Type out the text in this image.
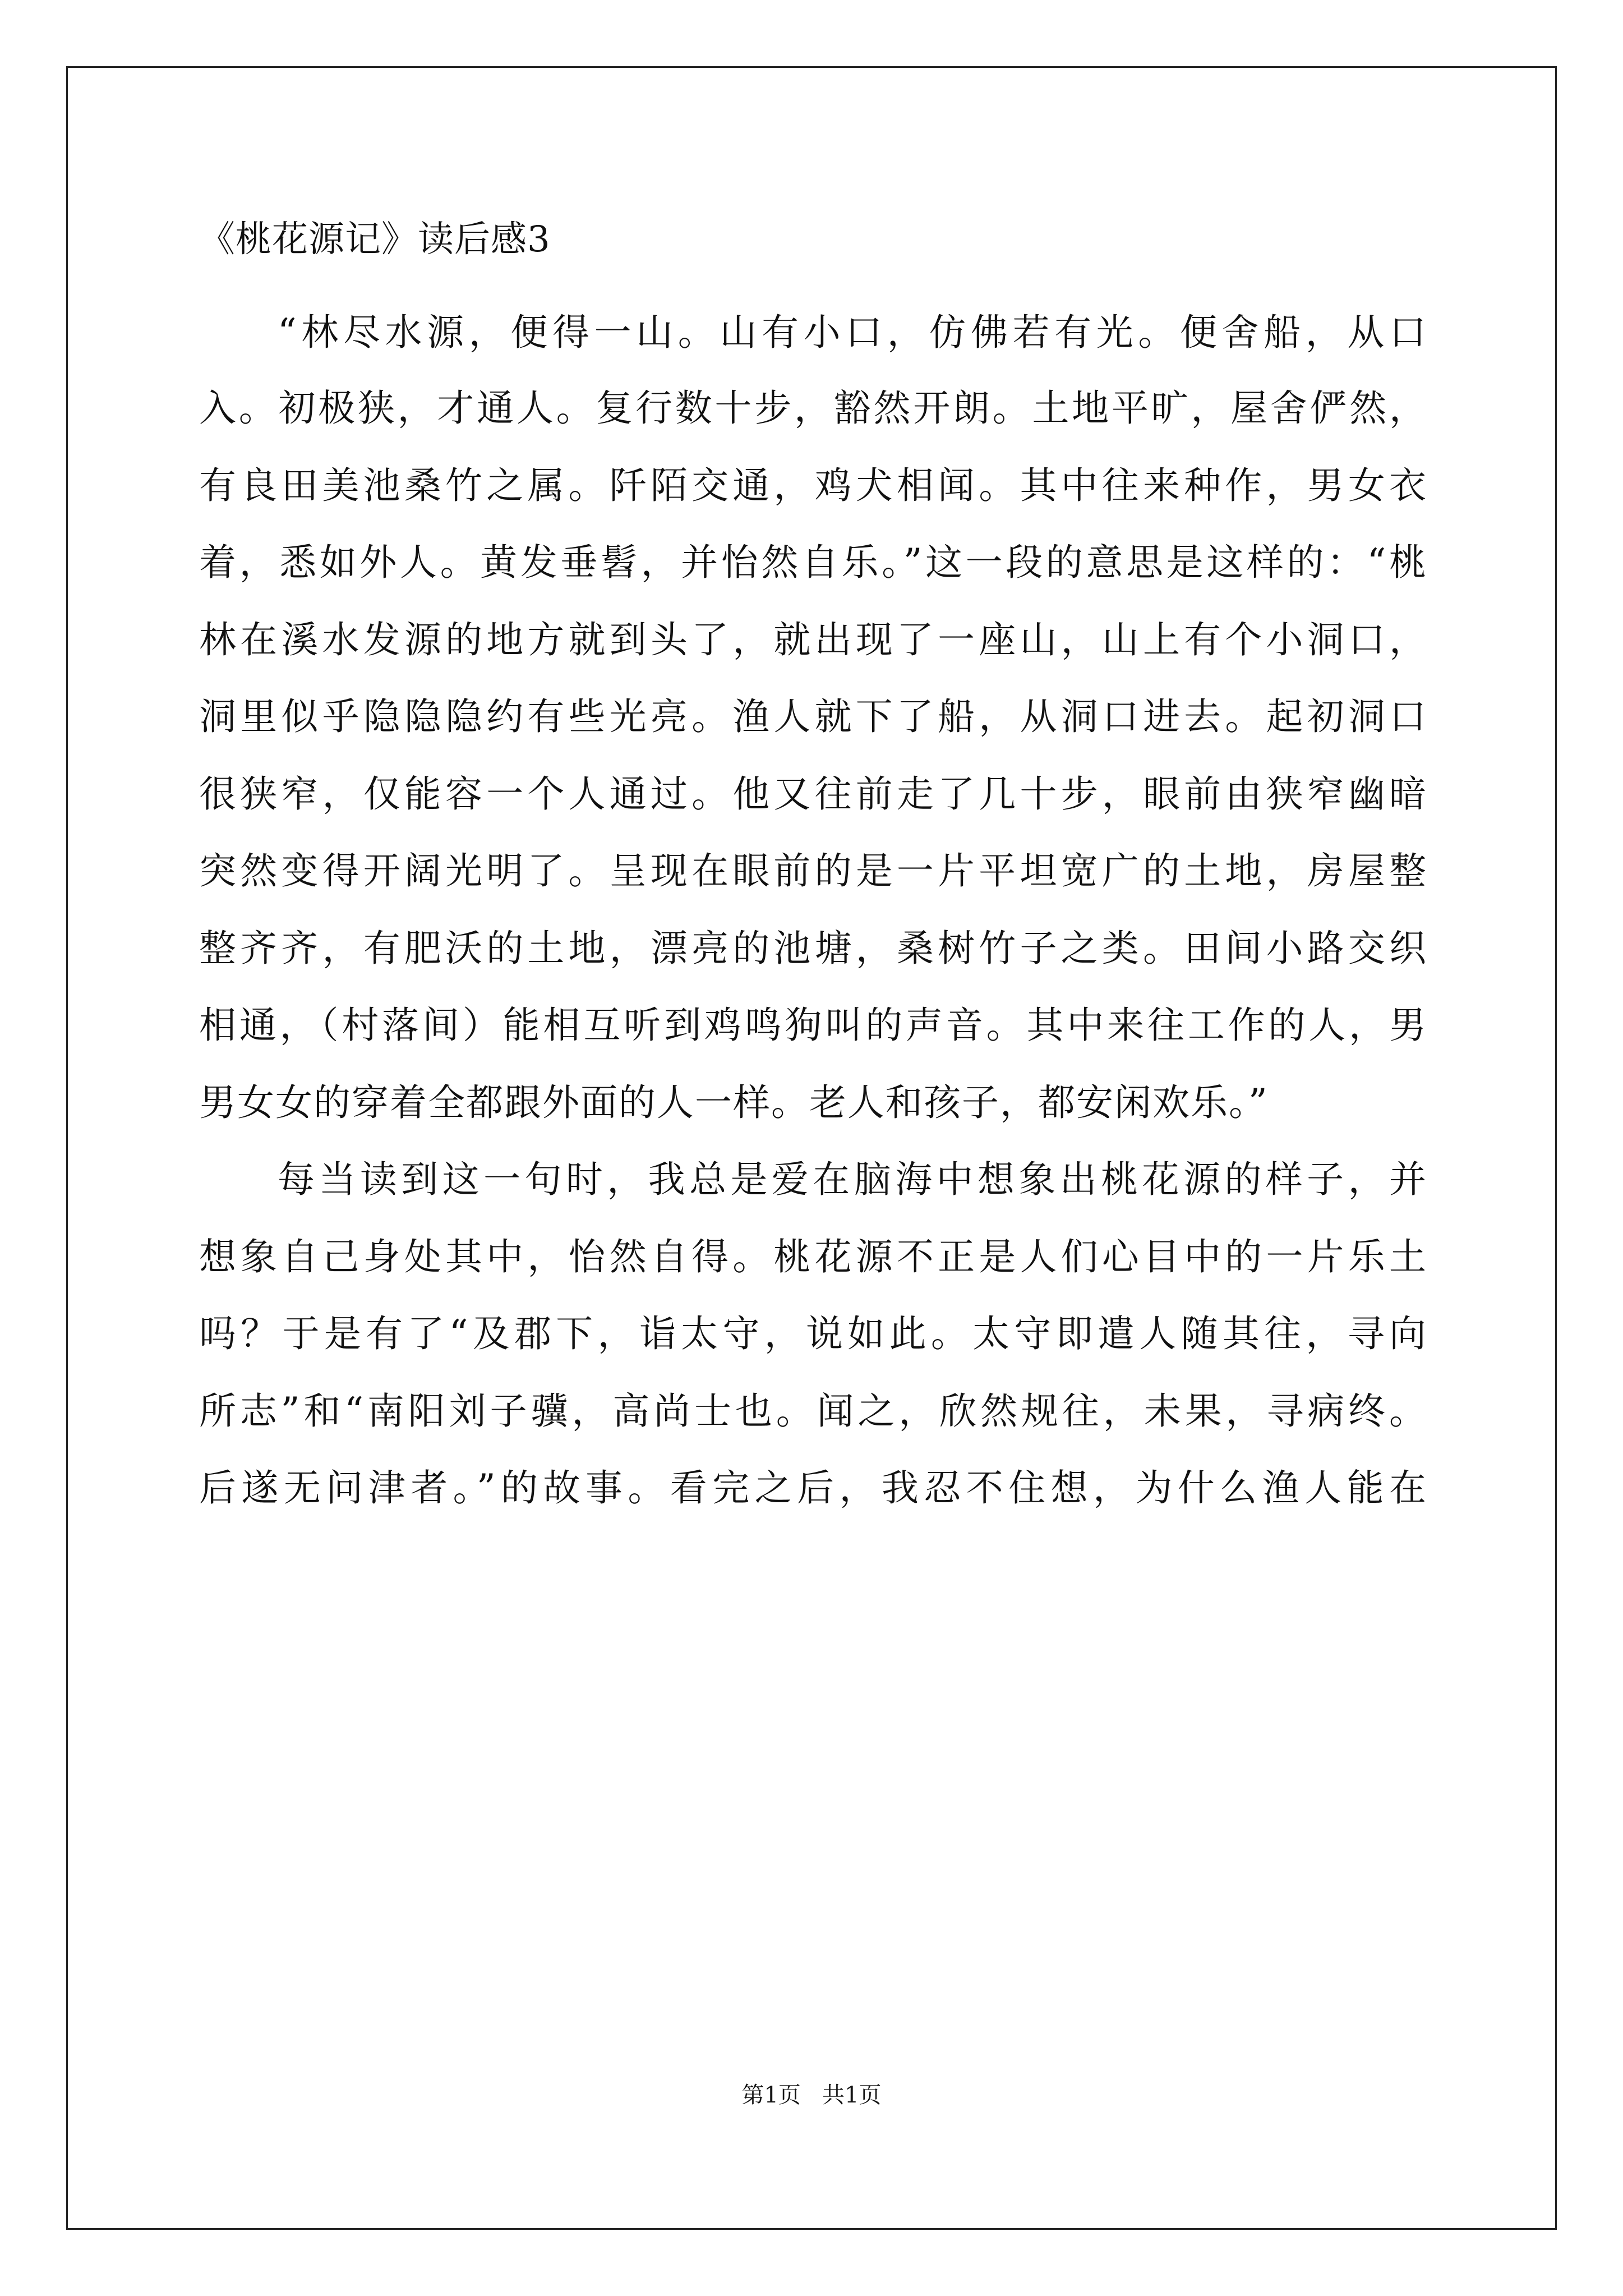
《桃花源记》读后感3
“林尽水源，便得一山。山有小口，仿佛若有光。便舍船，从口
入。初极狭，才通人。复行数十步，豁然开朗。土地平旷，屋舍俨然，
有良田美池桑竹之属。阡陌交通，鸡犬相闻。其中往来种作，男女衣
着，悉如外人。黄发垂髫，并怡然自乐。”这一段的意思是这样的：“桃
林在溪水发源的地方就到头了，就出现了一座山，山上有个小洞口，
洞里似乎隐隐隐约有些光亮。渔人就下了船，从洞口进去。起初洞口
很狭窄，仅能容一个人通过。他又往前走了几十步，眼前由狭窄幽暗
突然变得开阔光明了。呈现在眼前的是一片平坦宽广的土地，房屋整
整齐齐，有肥沃的土地，漂亮的池塘，桑树竹子之类。田间小路交织
相通，（村落间）能相互听到鸡鸣狗叫的声音。其中来往工作的人，男
男女女的穿着全都跟外面的人一样。老人和孩子，都安闲欢乐。”
每当读到这一句时，我总是爱在脑海中想象出桃花源的样子，并
想象自己身处其中，怡然自得。桃花源不正是人们心目中的一片乐土
吗？于是有了“及郡下，诣太守，说如此。太守即遣人随其往，寻向
所志”和“南阳刘子骥，高尚士也。闻之，欣然规往，未果，寻病终。
后遂无问津者。”的故事。看完之后，我忍不住想，为什么渔人能在
第1页   共1页
